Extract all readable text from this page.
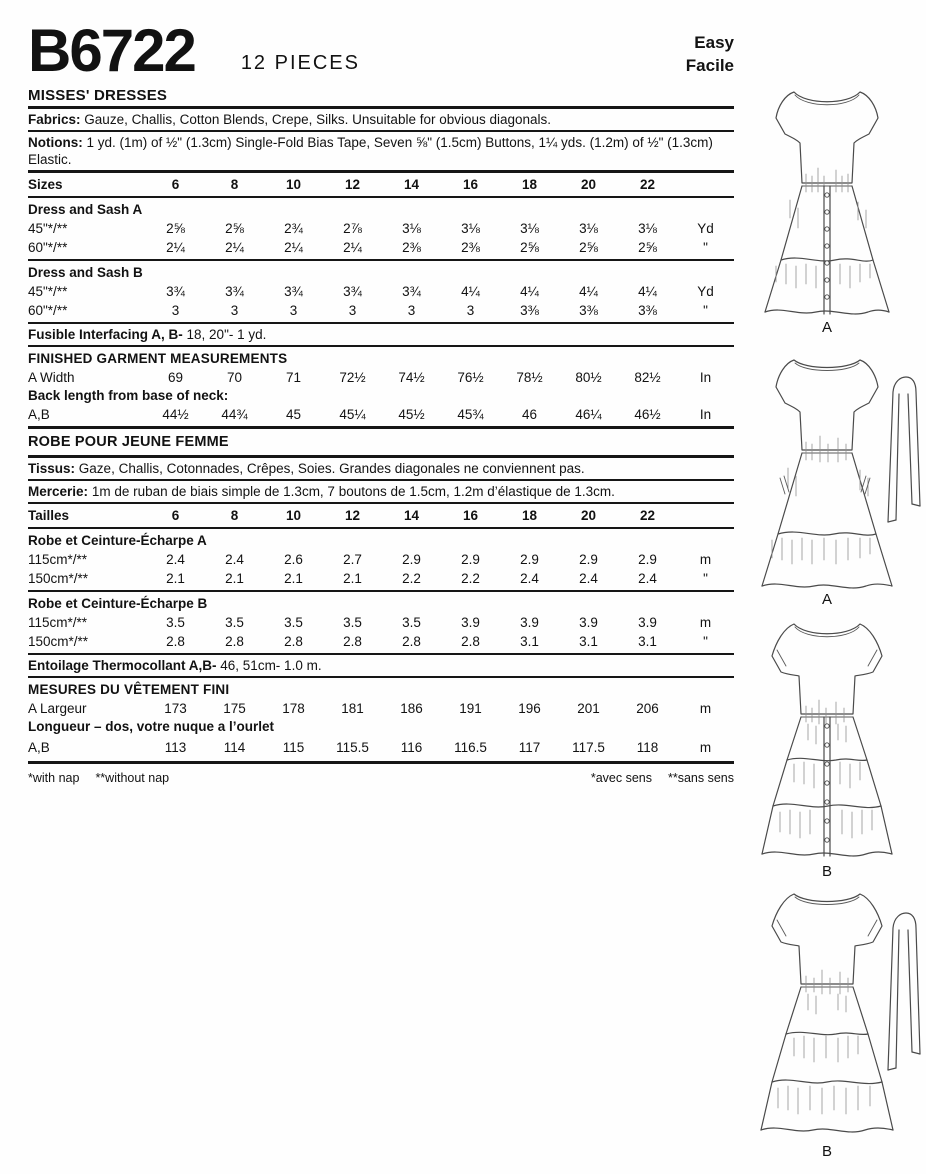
B6722 12 PIECES
Easy
Facile
MISSES' DRESSES

Fabrics: Gauze, Challis, Cotton Blends, Crepe, Silks. Unsuitable for obvious diagonals.

Notions: 1 yd. (1m) of ½" (1.3cm) Single-Fold Bias Tape, Seven ⅝" (1.5cm) Buttons, 1¼ yds. (1.2m) of ½" (1.3cm) Elastic.

Sizes	6	8	10	12	14	16	18	20	22
Dress and Sash A
45"*/**	2⅝	2⅝	2¾	2⅞	3⅛	3⅛	3⅛	3⅛	3⅛	Yd
60"*/**	2¼	2¼	2¼	2¼	2⅜	2⅜	2⅝	2⅝	2⅝	"
Dress and Sash B
45"*/**	3¾	3¾	3¾	3¾	3¾	4¼	4¼	4¼	4¼	Yd
60"*/**	3	3	3	3	3	3	3⅜	3⅜	3⅜	"

Fusible Interfacing A, B- 18, 20"- 1 yd.

FINISHED GARMENT MEASUREMENTS
A Width	69	70	71	72½	74½	76½	78½	80½	82½	In
Back length from base of neck:
A,B	44½	44¾	45	45¼	45½	45¾	46	46¼	46½	In
ROBE POUR JEUNE FEMME

Tissus: Gaze, Challis, Cotonnades, Crêpes, Soies. Grandes diagonales ne conviennent pas.

Mercerie: 1m de ruban de biais simple de 1.3cm, 7 boutons de 1.5cm, 1.2m d’élastique de 1.3cm.

Tailles	6	8	10	12	14	16	18	20	22
Robe et Ceinture-Écharpe A
115cm*/**	2.4	2.4	2.6	2.7	2.9	2.9	2.9	2.9	2.9	m
150cm*/**	2.1	2.1	2.1	2.1	2.2	2.2	2.4	2.4	2.4	"
Robe et Ceinture-Écharpe B
115cm*/**	3.5	3.5	3.5	3.5	3.5	3.9	3.9	3.9	3.9	m
150cm*/**	2.8	2.8	2.8	2.8	2.8	2.8	3.1	3.1	3.1	"

Entoilage Thermocollant A,B- 46, 51cm- 1.0 m.

MESURES DU VÊTEMENT FINI
A Largeur	173	175	178	181	186	191	196	201	206	m
Longueur – dos, votre nuque a l’ourlet
A,B	113	114	115	115.5	116	116.5	117	117.5	118	m
*with nap **without nap	*avec sens **sans sens
A
A
B
B
